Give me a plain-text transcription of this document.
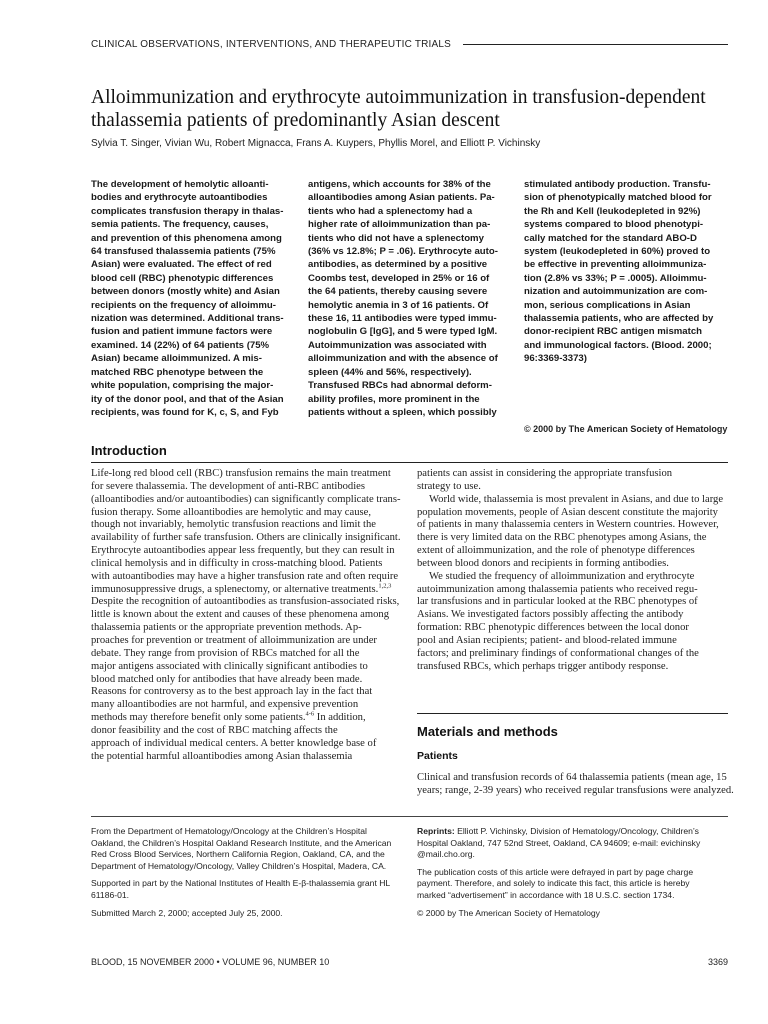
CLINICAL OBSERVATIONS, INTERVENTIONS, AND THERAPEUTIC TRIALS
Alloimmunization and erythrocyte autoimmunization in transfusion-dependent
thalassemia patients of predominantly Asian descent
Sylvia T. Singer, Vivian Wu, Robert Mignacca, Frans A. Kuypers, Phyllis Morel, and Elliott P. Vichinsky
The development of hemolytic alloanti-
bodies and erythrocyte autoantibodies
complicates transfusion therapy in thalas-
semia patients. The frequency, causes,
and prevention of this phenomena among
64 transfused thalassemia patients (75%
Asian) were evaluated. The effect of red
blood cell (RBC) phenotypic differences
between donors (mostly white) and Asian
recipients on the frequency of alloimmu-
nization was determined. Additional trans-
fusion and patient immune factors were
examined. 14 (22%) of 64 patients (75%
Asian) became alloimmunized. A mis-
matched RBC phenotype between the
white population, comprising the major-
ity of the donor pool, and that of the Asian
recipients, was found for K, c, S, and Fyb
antigens, which accounts for 38% of the
alloantibodies among Asian patients. Pa-
tients who had a splenectomy had a
higher rate of alloimmunization than pa-
tients who did not have a splenectomy
(36% vs 12.8%; P = .06). Erythrocyte auto-
antibodies, as determined by a positive
Coombs test, developed in 25% or 16 of
the 64 patients, thereby causing severe
hemolytic anemia in 3 of 16 patients. Of
these 16, 11 antibodies were typed immu-
noglobulin G [IgG], and 5 were typed IgM.
Autoimmunization was associated with
alloimmunization and with the absence of
spleen (44% and 56%, respectively).
Transfused RBCs had abnormal deform-
ability profiles, more prominent in the
patients without a spleen, which possibly
stimulated antibody production. Transfu-
sion of phenotypically matched blood for
the Rh and Kell (leukodepleted in 92%)
systems compared to blood phenotypi-
cally matched for the standard ABO-D
system (leukodepleted in 60%) proved to
be effective in preventing alloimmuniza-
tion (2.8% vs 33%; P = .0005). Alloimmu-
nization and autoimmunization are com-
mon, serious complications in Asian
thalassemia patients, who are affected by
donor-recipient RBC antigen mismatch
and immunological factors. (Blood. 2000;
96:3369-3373)
© 2000 by The American Society of Hematology
Introduction
Life-long red blood cell (RBC) transfusion remains the main treatment
for severe thalassemia. The development of anti-RBC antibodies
(alloantibodies and/or autoantibodies) can significantly complicate trans-
fusion therapy. Some alloantibodies are hemolytic and may cause,
though not invariably, hemolytic transfusion reactions and limit the
availability of further safe transfusion. Others are clinically insignificant.
Erythrocyte autoantibodies appear less frequently, but they can result in
clinical hemolysis and in difficulty in cross-matching blood. Patients
with autoantibodies may have a higher transfusion rate and often require
immunosuppressive drugs, a splenectomy, or alternative treatments.$^{1,2,3}$
Despite the recognition of autoantibodies as transfusion-associated risks,
little is known about the extent and causes of these phenomena among
thalassemia patients or the appropriate prevention methods. Ap-
proaches for prevention or treatment of alloimmunization are under
debate. They range from provision of RBCs matched for all the
major antigens associated with clinically significant antibodies to
blood matched only for antibodies that have already been made.
Reasons for controversy as to the best approach lay in the fact that
many alloantibodies are not harmful, and expensive prevention
methods may therefore benefit only some patients.$^{4-6}$ In addition,
donor feasibility and the cost of RBC matching affects the
approach of individual medical centers. A better knowledge base of
the potential harmful alloantibodies among Asian thalassemia
patients can assist in considering the appropriate transfusion
strategy to use.
World wide, thalassemia is most prevalent in Asians, and due to large
population movements, people of Asian descent constitute the majority
of patients in many thalassemia centers in Western countries. However,
there is very limited data on the RBC phenotypes among Asians, the
extent of alloimmunization, and the role of phenotype differences
between blood donors and recipients in forming antibodies.
We studied the frequency of alloimmunization and erythrocyte
autoimmunization among thalassemia patients who received regu-
lar transfusions and in particular looked at the RBC phenotypes of
Asians. We investigated factors possibly affecting the antibody
formation: RBC phenotypic differences between the local donor
pool and Asian recipients; patient- and blood-related immune
factors; and preliminary findings of conformational changes of the
transfused RBCs, which perhaps trigger antibody response.
Materials and methods
Patients
Clinical and transfusion records of 64 thalassemia patients (mean age, 15
years; range, 2-39 years) who received regular transfusions were analyzed.
From the Department of Hematology/Oncology at the Children’s Hospital
Oakland, the Children’s Hospital Oakland Research Institute, and the American
Red Cross Blood Services, Northern California Region, Oakland, CA, and the
Department of Hematology/Oncology, Valley Children’s Hospital, Madera, CA.
Supported in part by the National Institutes of Health E-β-thalassemia grant HL
61186-01.
Submitted March 2, 2000; accepted July 25, 2000.
Reprints: Elliott P. Vichinsky, Division of Hematology/Oncology, Children’s
Hospital Oakland, 747 52nd Street, Oakland, CA 94609; e-mail: evichinsky
@mail.cho.org.
The publication costs of this article were defrayed in part by page charge
payment. Therefore, and solely to indicate this fact, this article is hereby
marked “advertisement” in accordance with 18 U.S.C. section 1734.
© 2000 by The American Society of Hematology
BLOOD, 15 NOVEMBER 2000 • VOLUME 96, NUMBER 10	3369
